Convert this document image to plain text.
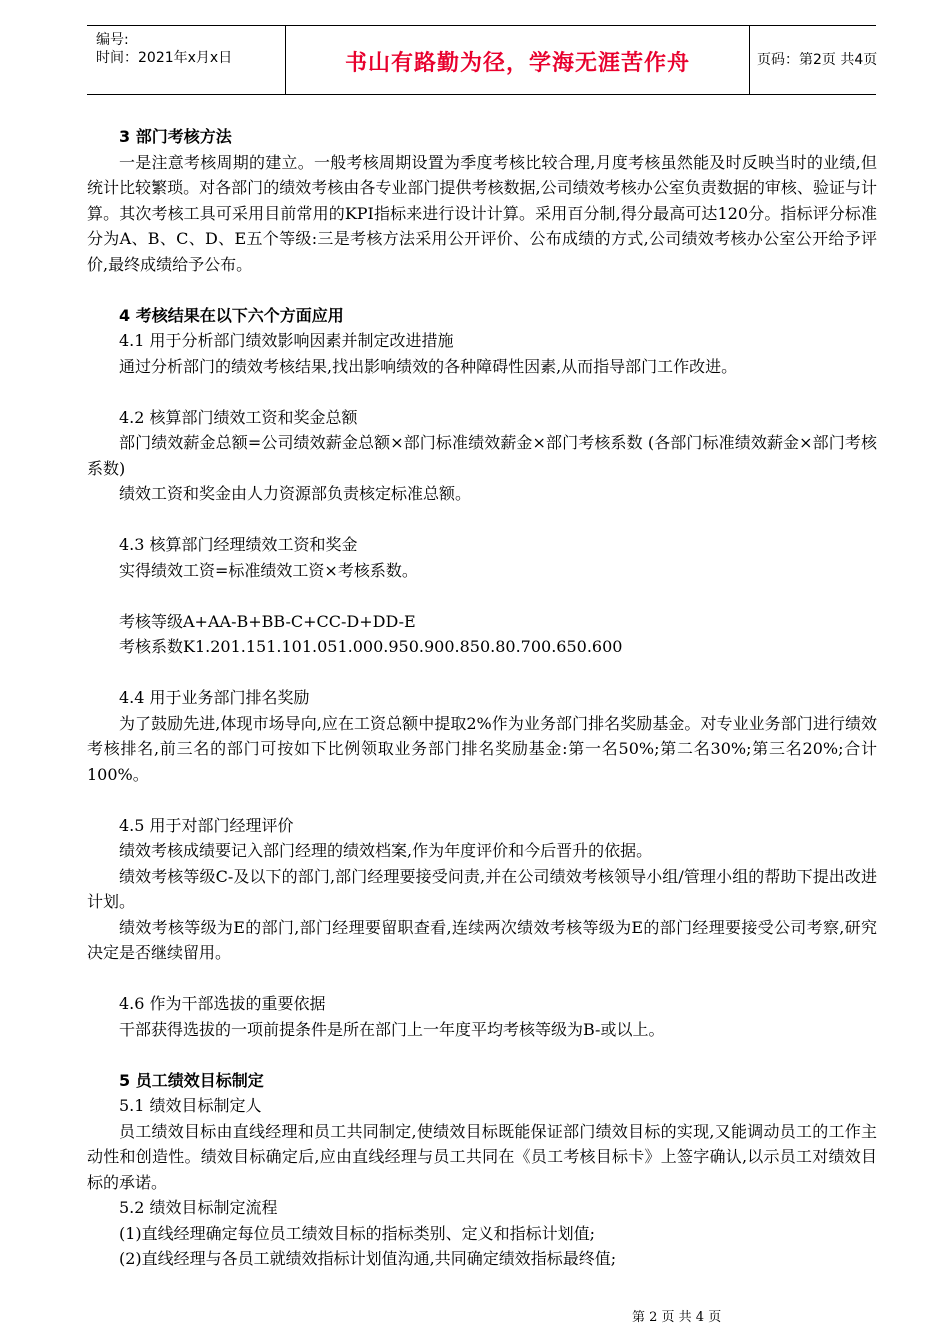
编号:
时间：2021年x月x日	书山有路勤为径，学海无涯苦作舟	页码：第2页 共4页

3 部门考核方法

一是注意考核周期的建立。一般考核周期设置为季度考核比较合理,月度考核虽然能及时反映当时的业绩,但统计比较繁琐。对各部门的绩效考核由各专业部门提供考核数据,公司绩效考核办公室负责数据的审核、验证与计算。其次考核工具可采用目前常用的KPI指标来进行设计计算。采用百分制,得分最高可达120分。指标评分标准分为A、B、C、D、E五个等级:三是考核方法采用公开评价、公布成绩的方式,公司绩效考核办公室公开给予评价,最终成绩给予公布。

4 考核结果在以下六个方面应用

4.1 用于分析部门绩效影响因素并制定改进措施

通过分析部门的绩效考核结果,找出影响绩效的各种障碍性因素,从而指导部门工作改进。

4.2 核算部门绩效工资和奖金总额

部门绩效薪金总额=公司绩效薪金总额×部门标准绩效薪金×部门考核系数 (各部门标准绩效薪金×部门考核系数)

绩效工资和奖金由人力资源部负责核定标准总额。

4.3 核算部门经理绩效工资和奖金

实得绩效工资=标准绩效工资×考核系数。

考核等级A+AA-B+BB-C+CC-D+DD-E

考核系数K1.201.151.101.051.000.950.900.850.80.700.650.600

4.4 用于业务部门排名奖励

为了鼓励先进,体现市场导向,应在工资总额中提取2%作为业务部门排名奖励基金。对专业业务部门进行绩效考核排名,前三名的部门可按如下比例领取业务部门排名奖励基金:第一名50%;第二名30%;第三名20%;合计100%。

4.5 用于对部门经理评价

绩效考核成绩要记入部门经理的绩效档案,作为年度评价和今后晋升的依据。

绩效考核等级C-及以下的部门,部门经理要接受问责,并在公司绩效考核领导小组/管理小组的帮助下提出改进计划。

绩效考核等级为E的部门,部门经理要留职查看,连续两次绩效考核等级为E的部门经理要接受公司考察,研究决定是否继续留用。

4.6 作为干部选拔的重要依据

干部获得选拔的一项前提条件是所在部门上一年度平均考核等级为B-或以上。

5 员工绩效目标制定

5.1 绩效目标制定人

员工绩效目标由直线经理和员工共同制定,使绩效目标既能保证部门绩效目标的实现,又能调动员工的工作主动性和创造性。绩效目标确定后,应由直线经理与员工共同在《员工考核目标卡》上签字确认,以示员工对绩效目标的承诺。

5.2 绩效目标制定流程

(1)直线经理确定每位员工绩效目标的指标类别、定义和指标计划值;

(2)直线经理与各员工就绩效指标计划值沟通,共同确定绩效指标最终值;

第 2 页 共 4 页
